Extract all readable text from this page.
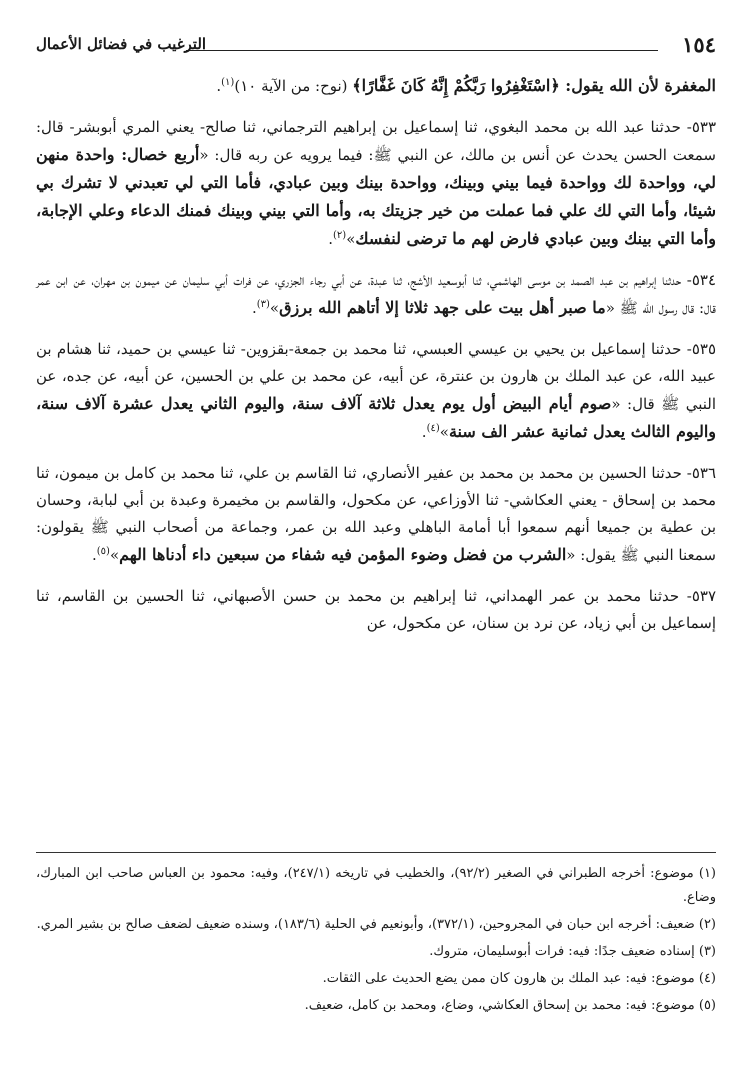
١٥٤
الترغيب في فضائل الأعمال

المغفرة لأن الله يقول: ﴿اسْتَغْفِرُوا رَبَّكُمْ إِنَّهُ كَانَ غَفَّارًا﴾ (نوح: من الآية ١٠)$^{(١)}$.

٥٣٣- حدثنا عبد الله بن محمد البغوي، ثنا إسماعيل بن إبراهيم الترجماني، ثنا صالح- يعني المري أبوبشر- قال: سمعت الحسن يحدث عن أنس بن مالك، عن النبي ﷺ: فيما يرويه عن ربه قال: «أربع خصال: واحدة منهن لي، وواحدة لك وواحدة فيما بيني وبينك، وواحدة بينك وبين عبادي، فأما التي لي تعبدني لا تشرك بي شيئا، وأما التي لك علي فما عملت من خير جزيتك به، وأما التي بيني وبينك فمنك الدعاء وعلي الإجابة، وأما التي بينك وبين عبادي فارض لهم ما ترضى لنفسك»$^{(٢)}$.

٥٣٤- حدثنا إبراهيم بن عبد الصمد بن موسى الهاشمي، ثنا أبوسعيد الأشج، ثنا عبدة، عن أبي رجاء الجزري، عن فرات أبي سليمان عن ميمون بن مهران، عن ابن عمر قال: قال رسول الله ﷺ «ما صبر أهل بيت على جهد ثلاثا إلا أتاهم الله برزق»$^{(٣)}$.

٥٣٥- حدثنا إسماعيل بن يحيي بن عيسي العبسي، ثنا محمد بن جمعة-بقزوين- ثنا عيسي بن حميد، ثنا هشام بن عبيد الله، عن عبد الملك بن هارون بن عنترة، عن أبيه، عن محمد بن علي بن الحسين، عن أبيه، عن جده، عن النبي ﷺ قال: «صوم أيام البيض أول يوم يعدل ثلاثة آلاف سنة، واليوم الثاني يعدل عشرة آلاف سنة، واليوم الثالث يعدل ثمانية عشر الف سنة»$^{(٤)}$.

٥٣٦- حدثنا الحسين بن محمد بن محمد بن عفير الأنصاري، ثنا القاسم بن علي، ثنا محمد بن كامل بن ميمون، ثنا محمد بن إسحاق - يعني العكاشي- ثنا الأوزاعي، عن مكحول، والقاسم بن مخيمرة وعبدة بن أبي لبابة، وحسان بن عطية بن جميعا أنهم سمعوا أبا أمامة الباهلي وعبد الله بن عمر، وجماعة من أصحاب النبي ﷺ يقولون: سمعنا النبي ﷺ يقول: «الشرب من فضل وضوء المؤمن فيه شفاء من سبعين داء أدناها الهم»$^{(٥)}$.

٥٣٧- حدثنا محمد بن عمر الهمداني، ثنا إبراهيم بن محمد بن حسن الأصبهاني، ثنا الحسين بن القاسم، ثنا إسماعيل بن أبي زياد، عن نرد بن سنان، عن مكحول، عن

(١) موضوع: أخرجه الطبراني في الصغير (٩٢/٢)، والخطيب في تاريخه (٢٤٧/١)، وفيه: محمود بن العباس صاحب ابن المبارك، وضاع.

(٢) ضعيف: أخرجه ابن حبان في المجروحين، (٣٧٢/١)، وأبونعيم في الحلية (١٨٣/٦)، وسنده ضعيف لضعف صالح بن بشير المري.

(٣) إسناده ضعيف جدًا: فيه: فرات أبوسليمان، متروك.

(٤) موضوع: فيه: عبد الملك بن هارون كان ممن يضع الحديث على الثقات.

(٥) موضوع: فيه: محمد بن إسحاق العكاشي، وضاع، ومحمد بن كامل، ضعيف.
